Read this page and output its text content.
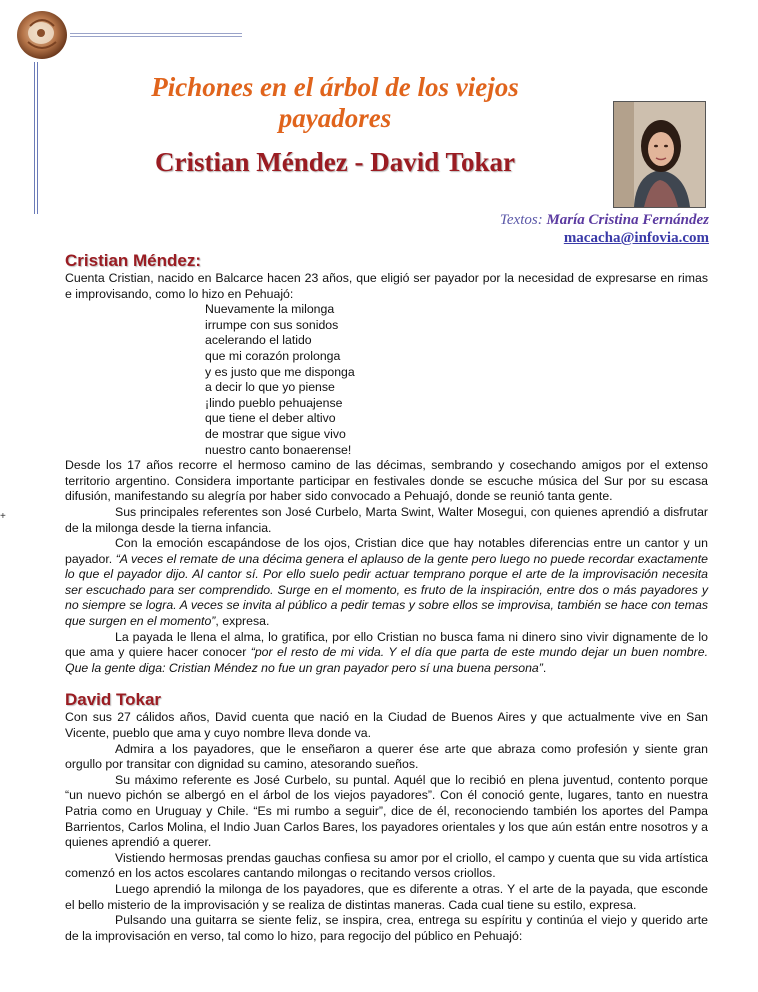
+
Pichones en el árbol de los viejos payadores
Cristian Méndez - David Tokar
Textos: María Cristina Fernández
macacha@infovia.com
Cristian Méndez:

Cuenta Cristian, nacido en Balcarce hacen 23 años, que eligió ser payador por la necesidad de expresarse en rimas e improvisando, como lo hizo en Pehuajó:

Nuevamente la milonga
irrumpe con sus sonidos
acelerando el latido
que mi corazón prolonga
y es justo que me disponga
a decir lo que yo piense
¡lindo pueblo pehuajense
que tiene el deber altivo
de mostrar que sigue vivo
nuestro canto bonaerense!

Desde los 17 años recorre el hermoso camino de las décimas, sembrando y cosechando amigos por el extenso territorio argentino. Considera importante participar en festivales donde se escuche música del Sur por su escasa difusión, manifestando su alegría por haber sido convocado a Pehuajó, donde se reunió tanta gente.

Sus principales referentes son José Curbelo, Marta Swint, Walter Mosegui, con quienes aprendió a disfrutar de la milonga desde la tierna infancia.

Con la emoción escapándose de los ojos, Cristian dice que hay notables diferencias entre un cantor y un payador. “A veces el remate de una décima genera el aplauso de la gente pero luego no puede recordar exactamente lo que el payador dijo. Al cantor sí. Por ello suelo pedir actuar temprano porque el arte de la improvisación necesita ser escuchado para ser comprendido. Surge en el momento, es fruto de la inspiración, entre dos o más payadores y no siempre se logra. A veces se invita al público a pedir temas y sobre ellos se improvisa, también se hace con temas que surgen en el momento”, expresa.

La payada le llena el alma, lo gratifica, por ello Cristian no busca fama ni dinero sino vivir dignamente de lo que ama y quiere hacer conocer “por el resto de mi vida. Y el día que parta de este mundo dejar un buen nombre. Que la gente diga: Cristian Méndez no fue un gran payador pero sí una buena persona”.

David Tokar

Con sus 27 cálidos años, David cuenta que nació en la Ciudad de Buenos Aires y que actualmente vive en San Vicente, pueblo que ama y cuyo nombre lleva donde va.

Admira a los payadores, que le enseñaron a querer ése arte que abraza como profesión y siente gran orgullo por transitar con dignidad su camino, atesorando sueños.

Su máximo referente es José Curbelo, su puntal. Aquél que lo recibió en plena juventud, contento porque “un nuevo pichón se albergó en el árbol de los viejos payadores”. Con él conoció gente, lugares, tanto en nuestra Patria como en Uruguay y Chile. “Es mi rumbo a seguir”, dice de él, reconociendo también los aportes del Pampa Barrientos, Carlos Molina, el Indio Juan Carlos Bares, los payadores orientales y los que aún están entre nosotros y a quienes aprendió a querer.

Vistiendo hermosas prendas gauchas confiesa su amor por el criollo, el campo y cuenta que su vida artística comenzó en los actos escolares cantando milongas o recitando versos criollos.

Luego aprendió la milonga de los payadores, que es diferente a otras. Y el arte de la payada, que esconde el bello misterio de la improvisación y se realiza de distintas maneras. Cada cual tiene su estilo, expresa.

Pulsando una guitarra se siente feliz, se inspira, crea, entrega su espíritu y continúa el viejo y querido arte de la improvisación en verso, tal como lo hizo, para regocijo del público en Pehuajó:
